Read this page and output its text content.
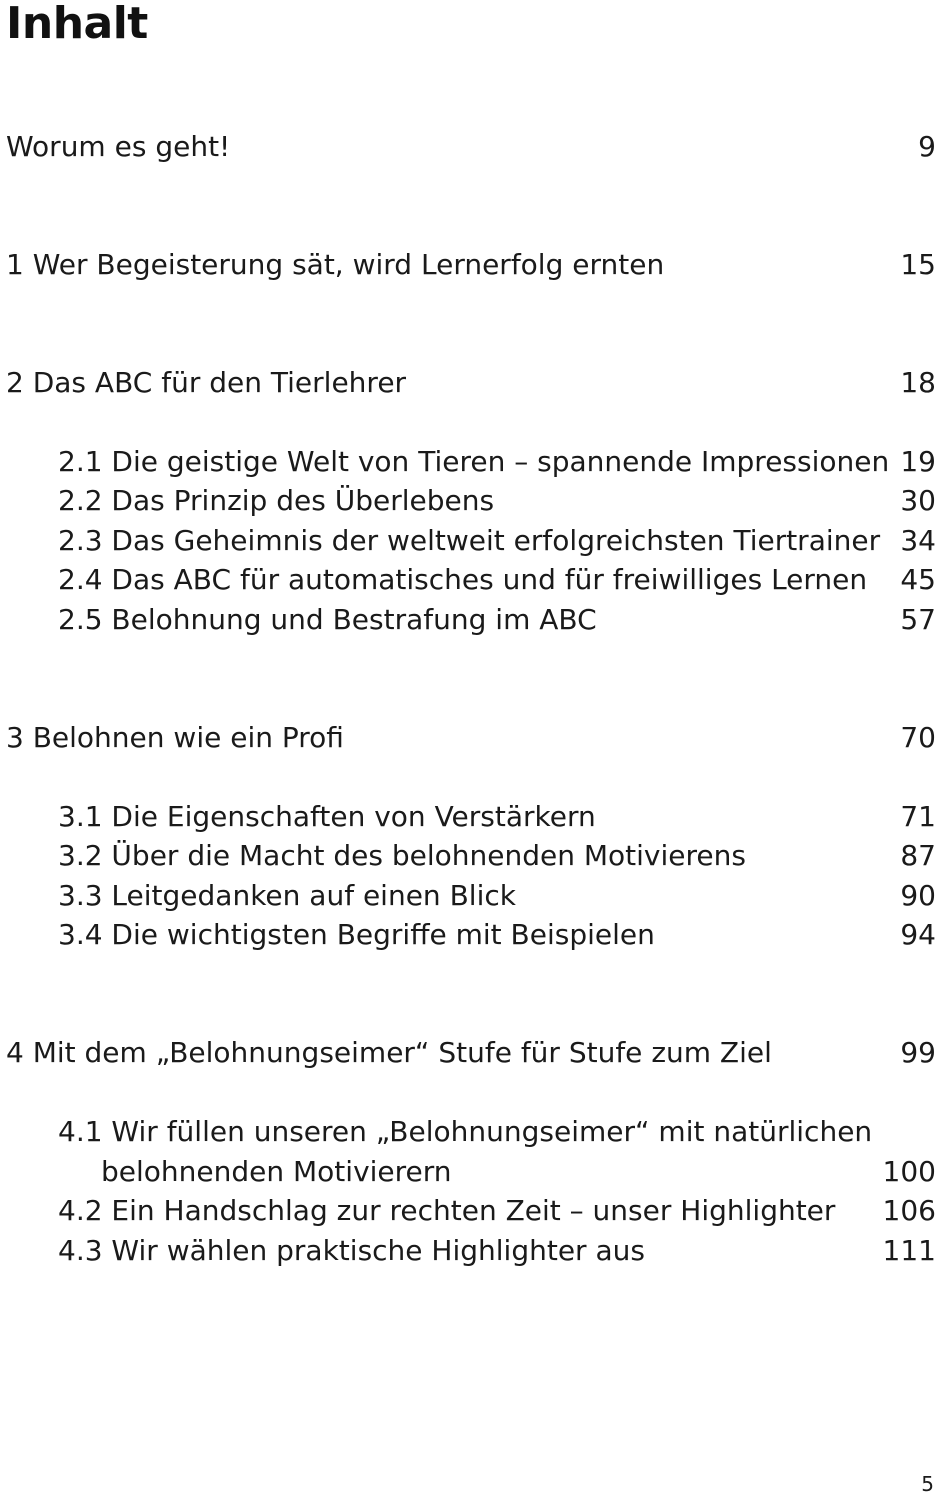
Inhalt
Worum es geht!	9
1 Wer Begeisterung sät, wird Lernerfolg ernten	15
2 Das ABC für den Tierlehrer	18
2.1 Die geistige Welt von Tieren – spannende Impressionen 19
2.2 Das Prinzip des Überlebens	30
2.3 Das Geheimnis der weltweit erfolgreichsten Tiertrainer 34
2.4 Das ABC für automatisches und für freiwilliges Lernen 45
2.5 Belohnung und Bestrafung im ABC	57
3 Belohnen wie ein Profi	70
3.1 Die Eigenschaften von Verstärkern	71
3.2 Über die Macht des belohnenden Motivierens	87
3.3 Leitgedanken auf einen Blick	90
3.4 Die wichtigsten Begriffe mit Beispielen	94
4 Mit dem „Belohnungseimer“ Stufe für Stufe zum Ziel	99
4.1 Wir füllen unseren „Belohnungseimer“ mit natürlichen
belohnenden Motivierern	100
4.2 Ein Handschlag zur rechten Zeit – unser Highlighter 106
4.3 Wir wählen praktische Highlighter aus	111
5
